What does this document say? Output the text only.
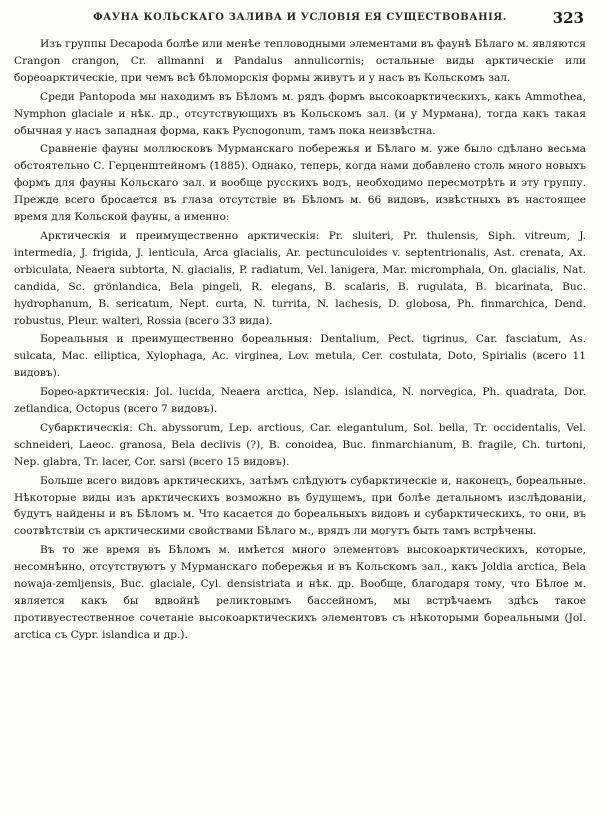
ФАУНА КОЛЬСКАГО ЗАЛИВА И УСЛОВІЯ ЕЯ СУЩЕСТВОВАНІЯ.	323

Изъ группы Decapoda болѣе или менѣе тепловодными элементами въ фаунѣ Бѣлаго м. являются Crangon crangon, Cr. allmanni и Pandalus annulicornis; остальные виды арктическіе или бореоарктическіе, при чемъ всѣ бѣломорскія формы живутъ и у насъ въ Кольскомъ зал.

Среди Pantopoda мы находимъ въ Бѣломъ м. рядъ формъ высокоарктическихъ, какъ Ammothea, Nymphon glaciale и нѣк. др., отсутствующихъ въ Кольскомъ зал. (и у Мурмана), тогда какъ такая обычная у насъ западная форма, какъ Pycnogonum, тамъ пока неизвѣстна.

Сравненіе фауны моллюсковъ Мурманскаго побережья и Бѣлаго м. уже было сдѣлано весьма обстоятельно С. Герценштейномъ (1885). Однако, теперь, когда нами добавлено столь много новыхъ формъ для фауны Кольскаго зал. и вообще русскихъ водъ, необходимо пересмотрѣть и эту группу. Прежде всего бросается въ глаза отсутствіе въ Бѣломъ м. 66 видовъ, извѣстныхъ въ настоящее время для Кольской фауны, а именно:

Арктическія и преимущественно арктическія: Pr. sluiteri, Pr. thulensis, Siph. vitreum, J. intermedia, J. frigida, J. lenticula, Arca glacialis, Ar. pectunculoides v. septentrionalis, Ast. crenata, Ax. orbiculata, Neaera subtorta, N. glacialis, P. radiatum, Vel. lanigera, Mar. micromphala, On. glacialis, Nat. candida, Sc. grönlandica, Bela pingeli, R. elegans, B. scalaris, B. rugulata, B. bicarinata, Buc. hydrophanum, B. sericatum, Nept. curta, N. turrita, N. lachesis, D. globosa, Ph. finmarchica, Dend. robustus, Pleur. walteri, Rossia (всего 33 вида).

Бореальныя и преимущественно бореальныя: Dentalium, Pect. tigrinus, Car. fasciatum, As. sulcata, Mac. elliptica, Xylophaga, Ac. virginea, Lov. metula, Cer. costulata, Doto, Spirialis (всего 11 видовъ).

Борео-арктическія: Jol. lucida, Neaera arctica, Nep. islandica, N. norvegica, Ph. quadrata, Dor. zetlandica, Octopus (всего 7 видовъ).

Субарктическія: Ch. abyssorum, Lep. arctious, Car. elegantulum, Sol. bella, Tr. occidentalis, Vel. schneideri, Laeoc. granosa, Bela declivis (?), B. conoidea, Buc. finmarchianum, B. fragile, Ch. turtoni, Nep. glabra, Tr. lacer, Cor. sarsi (всего 15 видовъ).

Больше всего видовъ арктическихъ, затѣмъ слѣдуютъ субарктическіе и, наконецъ, бореальные. Нѣкоторые виды изъ арктическихъ возможно въ будущемъ, при болѣе детальномъ изслѣдованіи, будутъ найдены и въ Бѣломъ м. Что касается до бореальныхъ видовъ и субарктическихъ, то они, въ соотвѣтствіи съ арктическими свойствами Бѣлаго м., врядъ ли могутъ быть тамъ встрѣчены.

Въ то же время въ Бѣломъ м. имѣется много элементовъ высокоарктическихъ, которые, несомнѣнно, отсутствуютъ у Мурманскаго побережья и въ Кольскомъ зал., какъ Joldia arctica, Bela nowaja-zemljensis, Buc. glaciale, Cyl. densistriata и нѣк. др. Вообще, благодаря тому, что Бѣлое м. является какъ бы вдвойнѣ реликтовымъ бассейномъ, мы встрѣчаемъ здѣсь такое противуестественное сочетаніе высокоарктическихъ элементовъ съ нѣкоторыми бореальными (Jol. arctica съ Cypr. islandica и др.).
